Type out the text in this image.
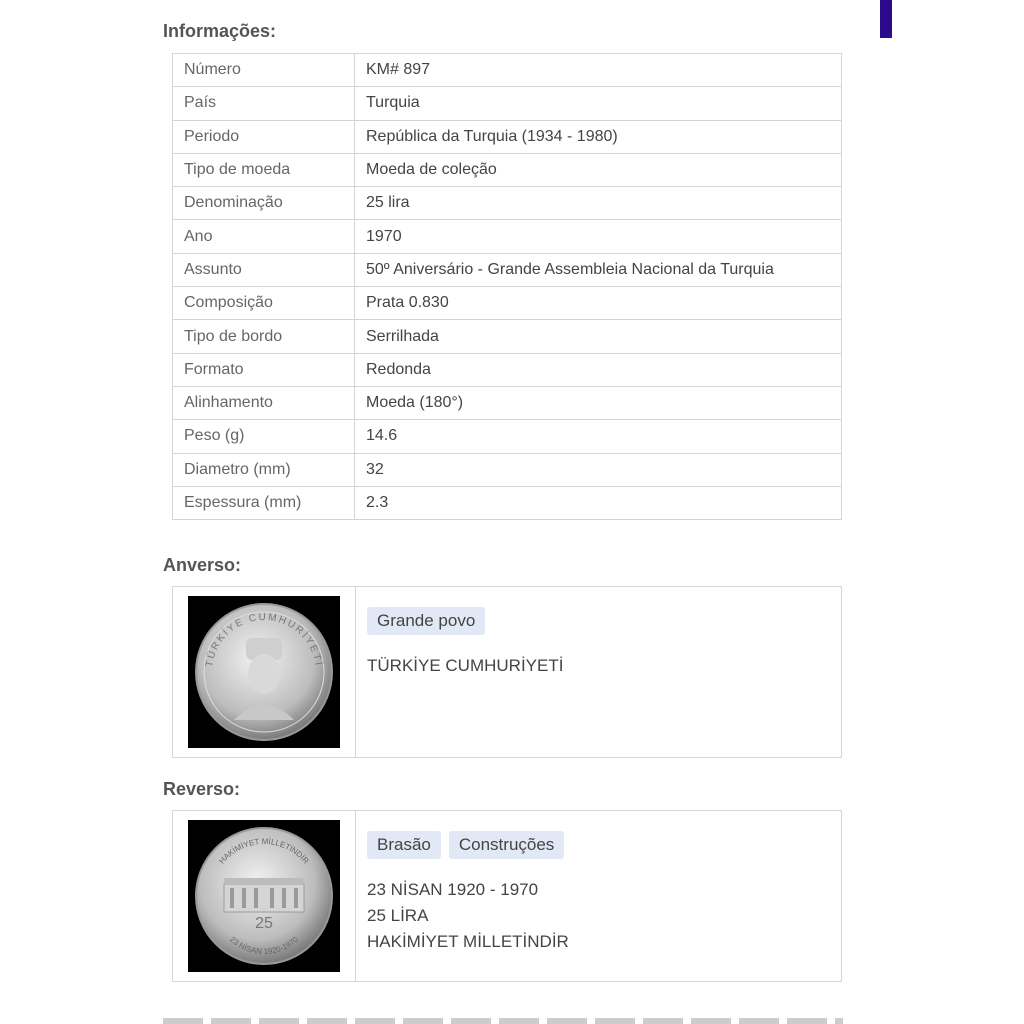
Informações:
Número	KM# 897
País	Turquia
Periodo	República da Turquia (1934 - 1980)
Tipo de moeda	Moeda de coleção
Denominação	25 lira
Ano	1970
Assunto	50º Aniversário - Grande Assembleia Nacional da Turquia
Composição	Prata 0.830
Tipo de bordo	Serrilhada
Formato	Redonda
Alinhamento	Moeda (180°)
Peso (g)	14.6
Diametro (mm)	32
Espessura (mm)	2.3
Anverso:
TÜRKİYE CUMHURİYETİ
Grande povo
TÜRKİYE CUMHURİYETİ
Reverso:
HAKİMİYET MİLLETİNDİR
23 NİSAN 1920-1970
25
Brasão	Construções
23 NİSAN 1920 - 1970
25 LİRA
HAKİMİYET MİLLETİNDİR
